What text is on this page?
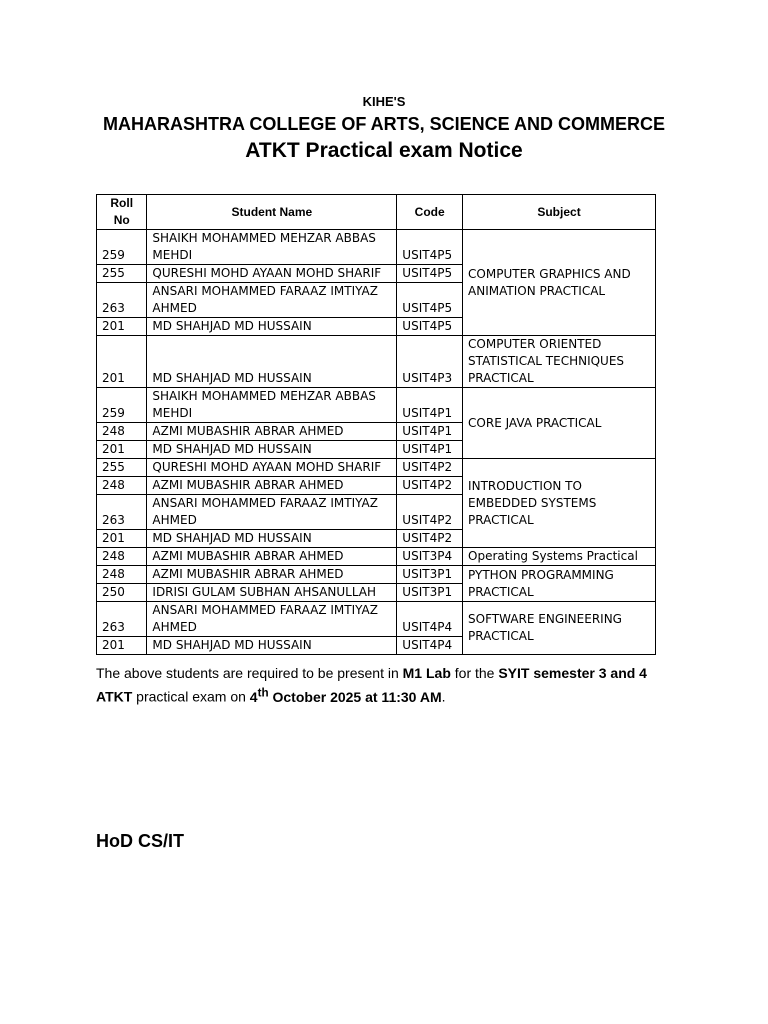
KIHE'S
MAHARASHTRA COLLEGE OF ARTS, SCIENCE AND COMMERCE
ATKT Practical exam Notice
Roll No	Student Name	Code	Subject
259	SHAIKH MOHAMMED MEHZAR ABBAS MEHDI	USIT4P5	COMPUTER GRAPHICS AND ANIMATION PRACTICAL
255	QURESHI MOHD AYAAN MOHD SHARIF	USIT4P5	
263	ANSARI MOHAMMED FARAAZ IMTIYAZ AHMED	USIT4P5	
201	MD SHAHJAD MD HUSSAIN	USIT4P5	
201	MD SHAHJAD MD HUSSAIN	USIT4P3	COMPUTER ORIENTED STATISTICAL TECHNIQUES PRACTICAL
259	SHAIKH MOHAMMED MEHZAR ABBAS MEHDI	USIT4P1	CORE JAVA PRACTICAL
248	AZMI MUBASHIR ABRAR AHMED	USIT4P1	
201	MD SHAHJAD MD HUSSAIN	USIT4P1	
255	QURESHI MOHD AYAAN MOHD SHARIF	USIT4P2	INTRODUCTION TO EMBEDDED SYSTEMS PRACTICAL
248	AZMI MUBASHIR ABRAR AHMED	USIT4P2	
263	ANSARI MOHAMMED FARAAZ IMTIYAZ AHMED	USIT4P2	
201	MD SHAHJAD MD HUSSAIN	USIT4P2	
248	AZMI MUBASHIR ABRAR AHMED	USIT3P4	Operating Systems Practical
248	AZMI MUBASHIR ABRAR AHMED	USIT3P1	PYTHON PROGRAMMING PRACTICAL
250	IDRISI GULAM SUBHAN AHSANULLAH	USIT3P1	
263	ANSARI MOHAMMED FARAAZ IMTIYAZ AHMED	USIT4P4	SOFTWARE ENGINEERING PRACTICAL
201	MD SHAHJAD MD HUSSAIN	USIT4P4	
The above students are required to be present in M1 Lab for the SYIT semester 3 and 4 ATKT practical exam on 4th October 2025 at 11:30 AM.
HoD CS/IT
